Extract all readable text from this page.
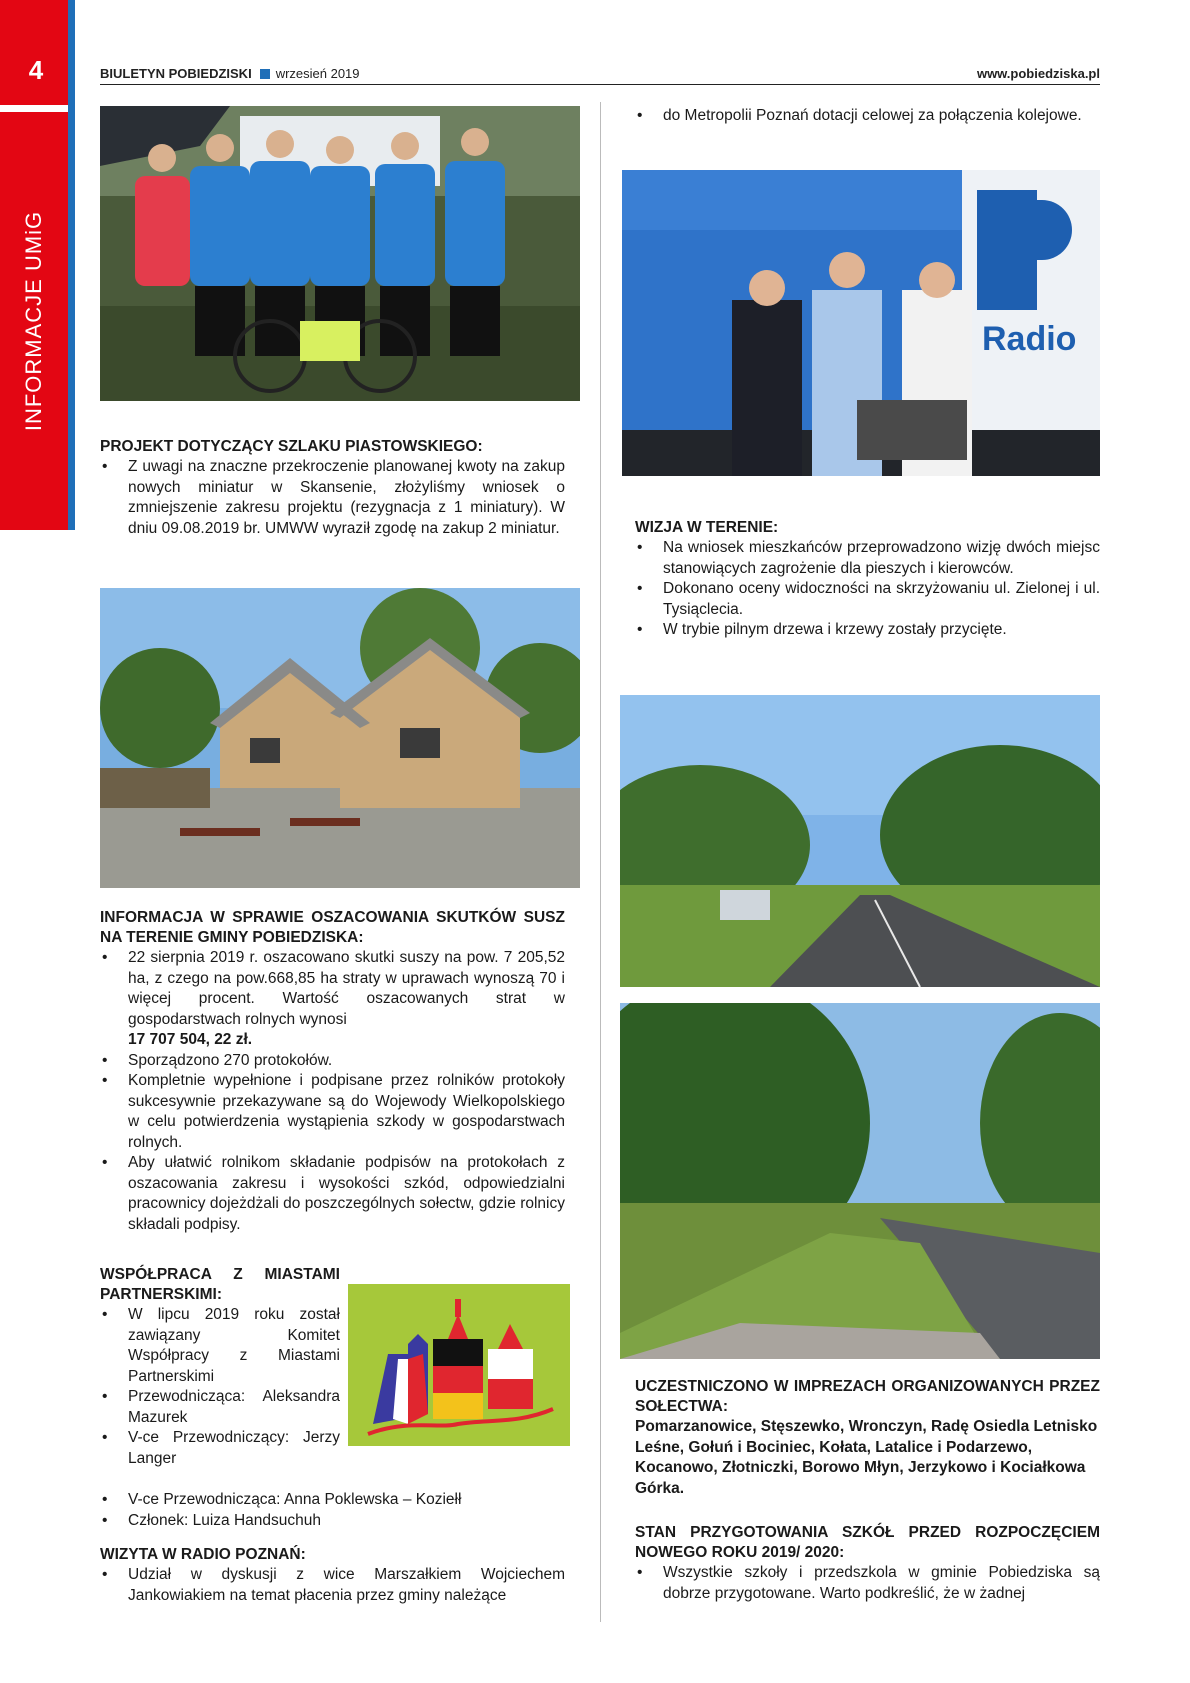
4
INFORMACJE UMiG
BIULETYN POBIEDZISKI wrzesień 2019	www.pobiedziska.pl
PROJEKT DOTYCZĄCY SZLAKU PIASTOWSKIEGO:
• Z uwagi na znaczne przekroczenie planowanej kwoty na zakup nowych miniatur w Skansenie, złożyliśmy wniosek o zmniejszenie zakresu projektu (rezygnacja z 1 miniatury). W dniu 09.08.2019 br. UMWW wyraził zgodę na zakup 2 miniatur.
INFORMACJA W SPRAWIE OSZACOWANIA SKUTKÓW SUSZ NA TERENIE GMINY POBIEDZISKA:
• 22 sierpnia 2019 r. oszacowano skutki suszy na pow. 7 205,52 ha, z czego na pow.668,85 ha straty w uprawach wynoszą 70 i więcej procent. Wartość oszacowanych strat w gospodarstwach rolnych wynosi
17 707 504, 22 zł.
• Sporządzono 270 protokołów.
• Kompletnie wypełnione i podpisane przez rolników protokoły sukcesywnie przekazywane są do Wojewody Wielkopolskiego w celu potwierdzenia wystąpienia szkody w gospodarstwach rolnych.
• Aby ułatwić rolnikom składanie podpisów na protokołach z oszacowania zakresu i wysokości szkód, odpowiedzialni pracownicy dojeżdżali do poszczególnych sołectw, gdzie rolnicy składali podpisy.
WSPÓŁPRACA Z MIASTAMI PARTNERSKIMI:
• W lipcu 2019 roku został zawiązany Komitet Współpracy z Miastami Partnerskimi
• Przewodnicząca: Aleksandra Mazurek
• V-ce Przewodniczący: Jerzy Langer
• V-ce Przewodnicząca: Anna Poklewska – Koziełł
• Członek: Luiza Handsuchuh
WIZYTA W RADIO POZNAŃ:
• Udział w dyskusji z wice Marszałkiem Wojciechem Jankowiakiem na temat płacenia przez gminy należące
• do Metropolii Poznań dotacji celowej za połączenia kolejowe.
Radio
WIZJA W TERENIE:
• Na wniosek mieszkańców przeprowadzono wizję dwóch miejsc stanowiących zagrożenie dla pieszych i kierowców.
• Dokonano oceny widoczności na skrzyżowaniu ul. Zielonej i ul. Tysiąclecia.
• W trybie pilnym drzewa i krzewy zostały przycięte.
UCZESTNICZONO W IMPREZACH ORGANIZOWANYCH PRZEZ SOŁECTWA:

Pomarzanowice, Stęszewko, Wronczyn, Radę Osiedla Letnisko Leśne, Gołuń i Bociniec, Kołata, Latalice i Podarzewo, Kocanowo, Złotniczki, Borowo Młyn, Jerzykowo i Kociałkowa Górka.

STAN PRZYGOTOWANIA SZKÓŁ PRZED ROZPOCZĘCIEM NOWEGO ROKU 2019/ 2020:
• Wszystkie szkoły i przedszkola w gminie Pobiedziska są dobrze przygotowane. Warto podkreślić, że w żadnej
